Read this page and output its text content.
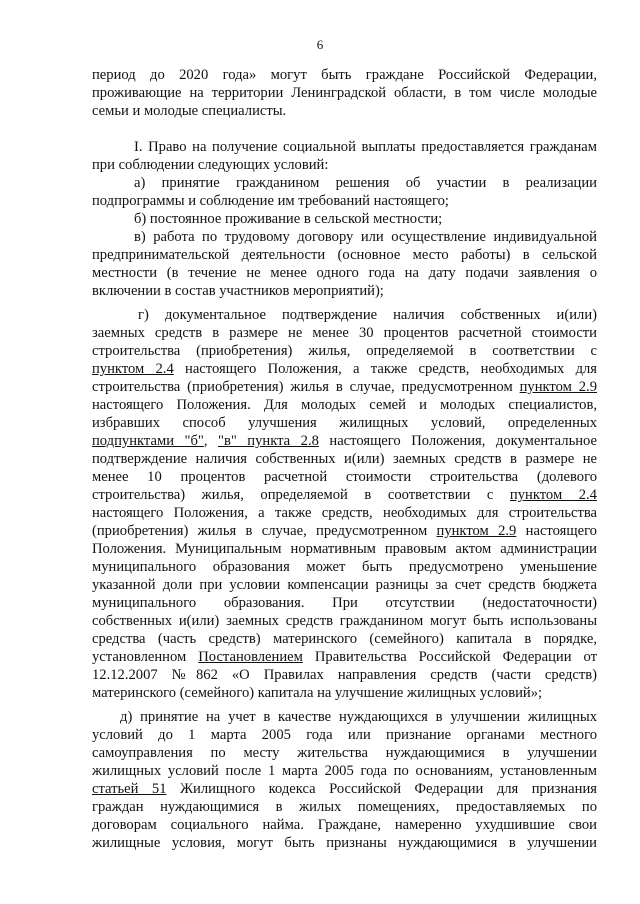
6
период до 2020 года» могут быть граждане Российской Федерации,
проживающие на территории Ленинградской области, в том числе молодые
семьи и молодые специалисты.
I. Право на получение социальной выплаты предоставляется гражданам
при соблюдении следующих условий:
а) принятие гражданином решения об участии в реализации
подпрограммы и соблюдение им требований настоящего;
б) постоянное проживание в сельской местности;
в) работа по трудовому договору или осуществление индивидуальной
предпринимательской деятельности (основное место работы) в сельской
местности (в течение не менее одного года на дату подачи заявления о
включении в состав участников мероприятий);
г) документальное подтверждение наличия собственных и(или)
заемных средств в размере не менее 30 процентов расчетной стоимости
строительства (приобретения) жилья, определяемой в соответствии с
пунктом 2.4 настоящего Положения, а также средств, необходимых для
строительства (приобретения) жилья в случае, предусмотренном пунктом 2.9
настоящего Положения. Для молодых семей и молодых специалистов,
избравших способ улучшения жилищных условий, определенных
подпунктами "б", "в" пункта 2.8 настоящего Положения, документальное
подтверждение наличия собственных и(или) заемных средств в размере не
менее 10 процентов расчетной стоимости строительства (долевого
строительства) жилья, определяемой в соответствии с пунктом 2.4
настоящего Положения, а также средств, необходимых для строительства
(приобретения) жилья в случае, предусмотренном пунктом 2.9 настоящего
Положения. Муниципальным нормативным правовым актом администрации
муниципального образования может быть предусмотрено уменьшение
указанной доли при условии компенсации разницы за счет средств бюджета
муниципального образования. При отсутствии (недостаточности)
собственных и(или) заемных средств гражданином могут быть использованы
средства (часть средств) материнского (семейного) капитала в порядке,
установленном Постановлением Правительства Российской Федерации от
12.12.2007 №862 «О Правилах направления средств (части средств)
материнского (семейного) капитала на улучшение жилищных условий»;
д) принятие на учет в качестве нуждающихся в улучшении жилищных
условий до 1 марта 2005 года или признание органами местного
самоуправления по месту жительства нуждающимися в улучшении
жилищных условий после 1 марта 2005 года по основаниям, установленным
статьей 51 Жилищного кодекса Российской Федерации для признания
граждан нуждающимися в жилых помещениях, предоставляемых по
договорам социального найма. Граждане, намеренно ухудшившие свои
жилищные условия, могут быть признаны нуждающимися в улучшении
